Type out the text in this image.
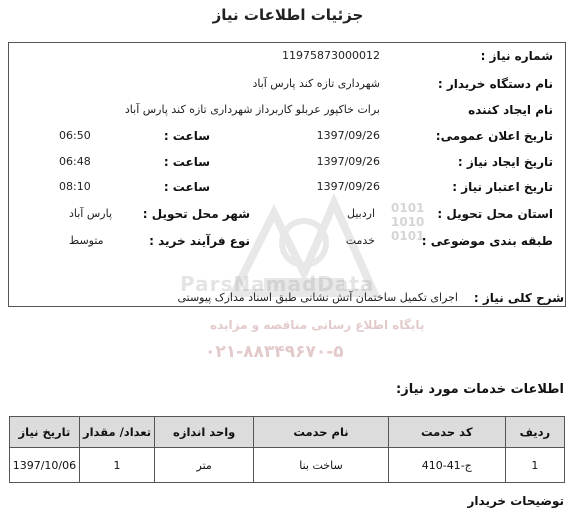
جزئیات اطلاعات نیاز
0101 1010 0101
شماره نیاز :
11975873000012
نام دستگاه خریدار :
شهرداری تازه کند پارس آباد
نام ایجاد کننده
برات خاکپور عربلو کاربرداز شهرداری تازه کند پارس آباد
تاریخ اعلان عمومی:
1397/09/26
ساعت :
06:50
تاریخ ایجاد نیاز :
1397/09/26
ساعت :
06:48
تاریخ اعتبار نیاز :
1397/09/26
ساعت :
08:10
استان محل تحویل :
اردبیل
شهر محل تحویل :
پارس آباد
طبقه بندی موضوعی :
خدمت
نوع فرآیند خرید :
متوسط
شرح کلی نیاز :
اجرای تکمیل ساختمان آتش نشانی طبق اسناد مدارک پیوستی
ParsNamadData
پایگاه اطلاع رسانی مناقصه و مزایده
۰۲۱-۸۸۳۴۹۶۷۰-۵
اطلاعات خدمات مورد نیاز:
ردیف	کد حدمت	نام حدمت	واحد اندازه	تعداد/ مقدار	تاریخ نیاز
1	ج-41-410	ساخت بنا	متر	1	1397/10/06
توضیحات خریدار
